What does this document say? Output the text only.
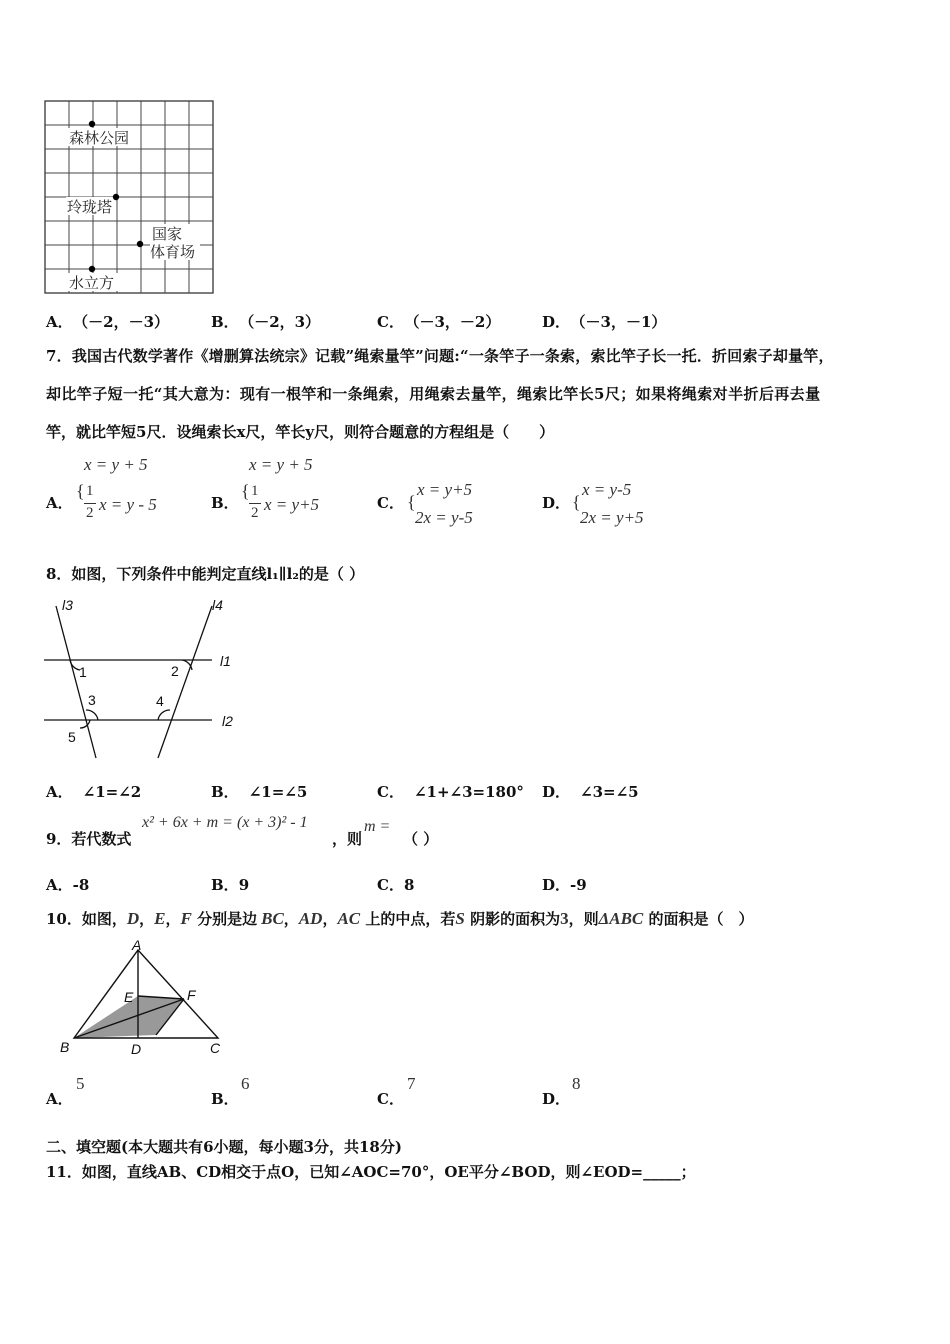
森林公园
玲珑塔
国家
体育场
水立方
A． （－2，－3）	B． （－2，3）	C． （－3，－2）	D． （－3，－1）
7．我国古代数学著作《增删算法统宗》记载”绳索量竿”问题:“一条竿子一条索，索比竿子长一托．折回索子却量竿，
却比竿子短一托“其大意为：现有一根竿和一条绳索，用绳索去量竿，绳索比竿长5尺；如果将绳索对半折后再去量
竿，就比竿短5尺．设绳索长x尺，竿长y尺，则符合题意的方程组是（　　）
A．
x = y + 5
{ 1
2 x = y - 5	B．
x = y + 5
{ 1
2 x = y+5	C． {
x = y+5
2x = y-5
D． {
x = y-5
2x = y+5
8．如图，下列条件中能判定直线l₁∥l₂的是（ ）
l3	l4
l1
l2
1	2
3	4
5
A． ∠1=∠2	B． ∠1=∠5	C． ∠1+∠3=180° D． ∠3=∠5
9．若代数式
x² + 6x + m = (x + 3)² - 1
，则
m =
（ ）
A．-8	B．9	C．8	D．-9
10．如图，D，E，F 分别是边 BC，AD，AC 上的中点，若S 阴影的面积为3，则ΔABC 的面积是（　）
A
E	F
B	D	C
A．
5
B．
6
C．
7
D．
8
二、填空题(本大题共有6小题，每小题3分，共18分)
11．如图，直线AB、CD相交于点O，已知∠AOC=70°，OE平分∠BOD，则∠EOD=_____；
